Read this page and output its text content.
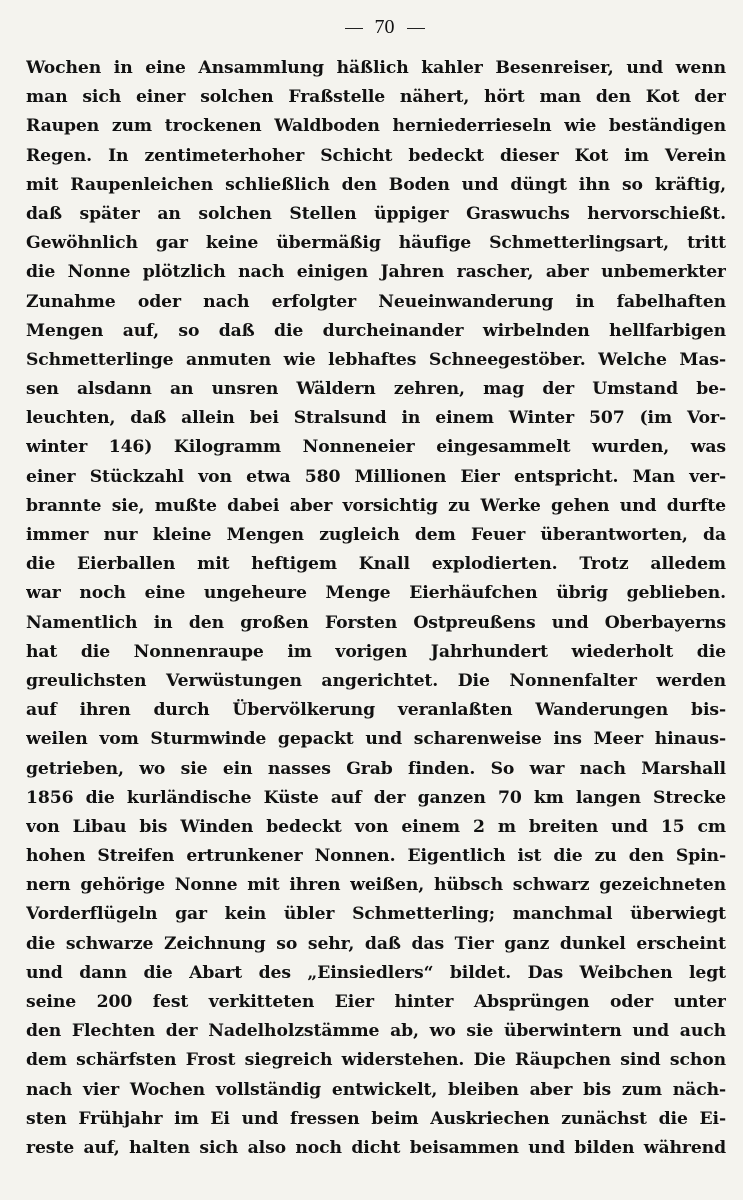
70
Wochen in eine Ansammlung häßlich kahler Besenreiser, und wenn
man sich einer solchen Fraßstelle nähert, hört man den Kot der
Raupen zum trockenen Waldboden herniederrieseln wie beständigen
Regen. In zentimeterhoher Schicht bedeckt dieser Kot im Verein
mit Raupenleichen schließlich den Boden und düngt ihn so kräftig,
daß später an solchen Stellen üppiger Graswuchs hervorschießt.
Gewöhnlich gar keine übermäßig häufige Schmetterlingsart, tritt
die Nonne plötzlich nach einigen Jahren rascher, aber unbemerkter
Zunahme oder nach erfolgter Neueinwanderung in fabelhaften
Mengen auf, so daß die durcheinander wirbelnden hellfarbigen
Schmetterlinge anmuten wie lebhaftes Schneegestöber. Welche Mas-
sen alsdann an unsren Wäldern zehren, mag der Umstand be-
leuchten, daß allein bei Stralsund in einem Winter 507 (im Vor-
winter 146) Kilogramm Nonneneier eingesammelt wurden, was
einer Stückzahl von etwa 580 Millionen Eier entspricht. Man ver-
brannte sie, mußte dabei aber vorsichtig zu Werke gehen und durfte
immer nur kleine Mengen zugleich dem Feuer überantworten, da
die Eierballen mit heftigem Knall explodierten. Trotz alledem
war noch eine ungeheure Menge Eierhäufchen übrig geblieben.
Namentlich in den großen Forsten Ostpreußens und Oberbayerns
hat die Nonnenraupe im vorigen Jahrhundert wiederholt die
greulichsten Verwüstungen angerichtet. Die Nonnenfalter werden
auf ihren durch Übervölkerung veranlaßten Wanderungen bis-
weilen vom Sturmwinde gepackt und scharenweise ins Meer hinaus-
getrieben, wo sie ein nasses Grab finden. So war nach Marshall
1856 die kurländische Küste auf der ganzen 70 km langen Strecke
von Libau bis Winden bedeckt von einem 2 m breiten und 15 cm
hohen Streifen ertrunkener Nonnen. Eigentlich ist die zu den Spin-
nern gehörige Nonne mit ihren weißen, hübsch schwarz gezeichneten
Vorderflügeln gar kein übler Schmetterling; manchmal überwiegt
die schwarze Zeichnung so sehr, daß das Tier ganz dunkel erscheint
und dann die Abart des „Einsiedlers“ bildet. Das Weibchen legt
seine 200 fest verkitteten Eier hinter Absprüngen oder unter
den Flechten der Nadelholzstämme ab, wo sie überwintern und auch
dem schärfsten Frost siegreich widerstehen. Die Räupchen sind schon
nach vier Wochen vollständig entwickelt, bleiben aber bis zum näch-
sten Frühjahr im Ei und fressen beim Auskriechen zunächst die Ei-
reste auf, halten sich also noch dicht beisammen und bilden während
